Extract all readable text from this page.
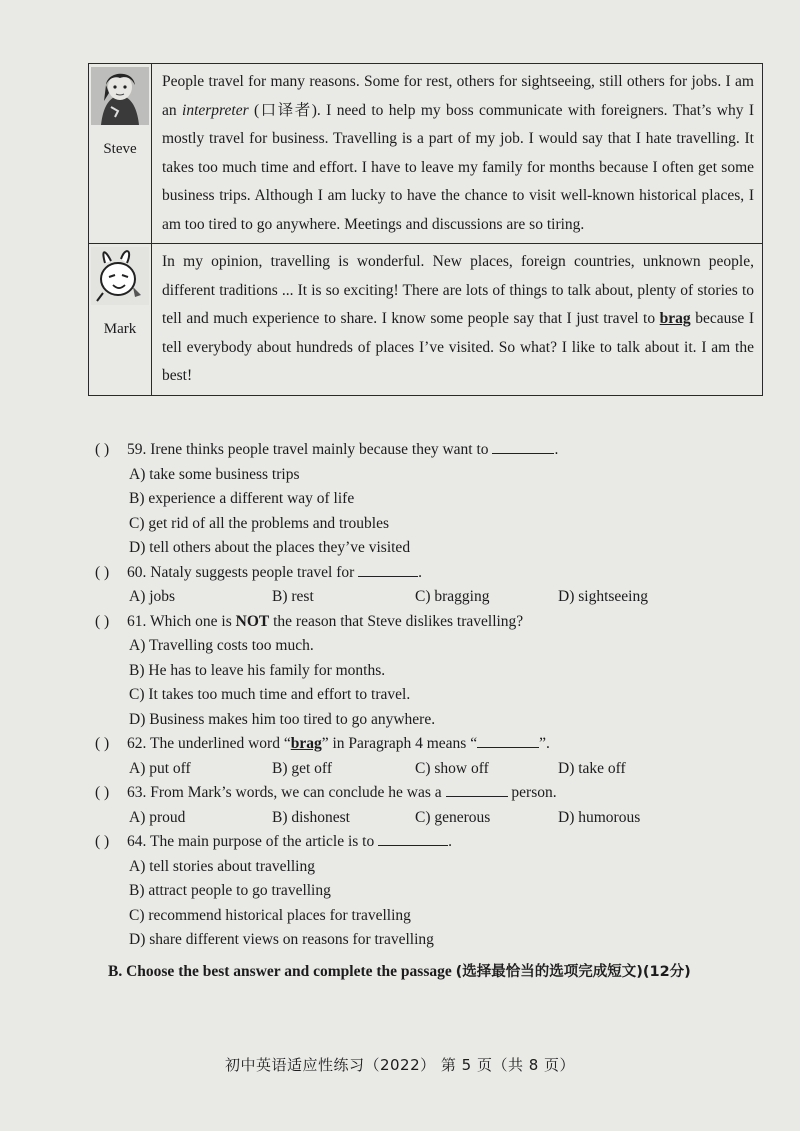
Steve
People travel for many reasons. Some for rest, others for sightseeing, still others for jobs. I am an interpreter (口译者). I need to help my boss communicate with foreigners. That’s why I mostly travel for business. Travelling is a part of my job. I would say that I hate travelling. It takes too much time and effort. I have to leave my family for months because I often get some business trips. Although I am lucky to have the chance to visit well-known historical places, I am too tired to go anywhere. Meetings and discussions are so tiring.
Mark
In my opinion, travelling is wonderful. New places, foreign countries, unknown people, different traditions ... It is so exciting! There are lots of things to talk about, plenty of stories to tell and much experience to share. I know some people say that I just travel to brag because I tell everybody about hundreds of places I’ve visited. So what? I like to talk about it. I am the best!
( )	59. Irene thinks people travel mainly because they want to	.
A) take some business trips
B) experience a different way of life
C) get rid of all the problems and troubles
D) tell others about the places they’ve visited
( )	60. Nataly suggests people travel for	.
A) jobs	B) rest	C) bragging	D) sightseeing
( )	61. Which one is NOT the reason that Steve dislikes travelling?
A) Travelling costs too much.
B) He has to leave his family for months.
C) It takes too much time and effort to travel.
D) Business makes him too tired to go anywhere.
( )	62. The underlined word “brag” in Paragraph 4 means “	”.
A) put off	B) get off	C) show off	D) take off
( )	63. From Mark’s words, we can conclude he was a	person.
A) proud	B) dishonest	C) generous	D) humorous
( )	64. The main purpose of the article is to	.
A) tell stories about travelling
B) attract people to go travelling
C) recommend historical places for travelling
D) share different views on reasons for travelling
B. Choose the best answer and complete the passage (选择最恰当的选项完成短文)(12分)
初中英语适应性练习（2022） 第 5 页（共 8 页）
